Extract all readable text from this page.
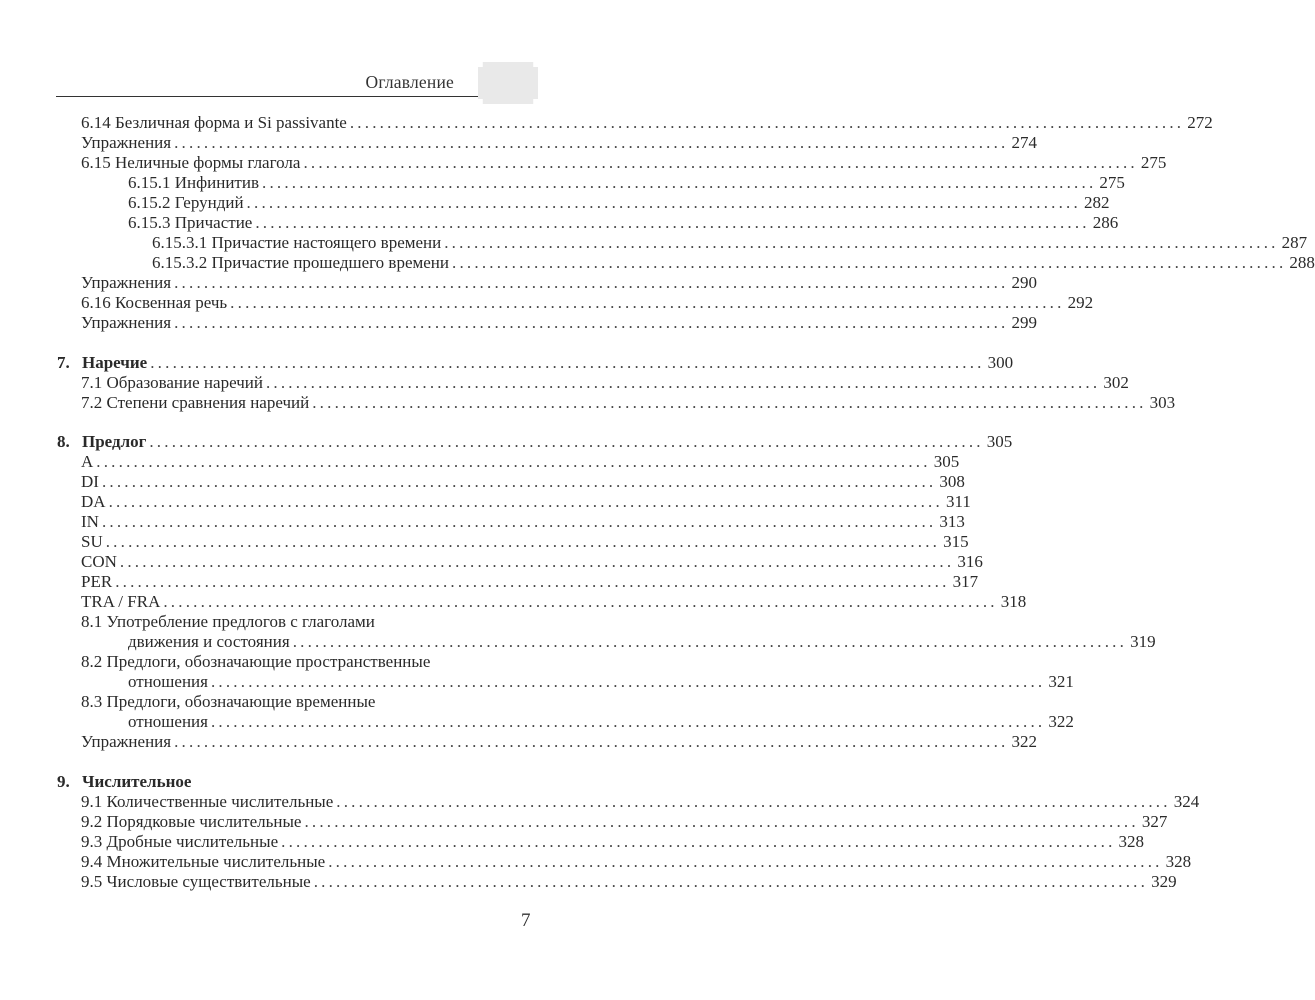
Оглавление
6.14 Безличная форма и Si passivante ................................................................................................................ 272
Упражнения ................................................................................................................ 274
6.15 Неличные формы глагола ................................................................................................................ 275
6.15.1 Инфинитив ................................................................................................................ 275
6.15.2 Герундий ................................................................................................................ 282
6.15.3 Причастие ................................................................................................................ 286
6.15.3.1 Причастие настоящего времени ................................................................................................................ 287
6.15.3.2 Причастие прошедшего времени ................................................................................................................ 288
Упражнения ................................................................................................................ 290
6.16 Косвенная речь ................................................................................................................ 292
Упражнения ................................................................................................................ 299
7. Наречие ................................................................................................................ 300
7.1 Образование наречий ................................................................................................................ 302
7.2 Степени сравнения наречий ................................................................................................................ 303
8. Предлог ................................................................................................................ 305
A ................................................................................................................ 305
DI ................................................................................................................ 308
DA ................................................................................................................ 311
IN ................................................................................................................ 313
SU ................................................................................................................ 315
CON ................................................................................................................ 316
PER ................................................................................................................ 317
TRA / FRA ................................................................................................................ 318
8.1 Употребление предлогов с глаголами
движения и состояния ................................................................................................................ 319
8.2 Предлоги, обозначающие пространственные
отношения ................................................................................................................ 321
8.3 Предлоги, обозначающие временные
отношения ................................................................................................................ 322
Упражнения ................................................................................................................ 322
9. Числительное
9.1 Количественные числительные ................................................................................................................ 324
9.2 Порядковые числительные ................................................................................................................ 327
9.3 Дробные числительные ................................................................................................................ 328
9.4 Множительные числительные ................................................................................................................ 328
9.5 Числовые существительные ................................................................................................................ 329
7
